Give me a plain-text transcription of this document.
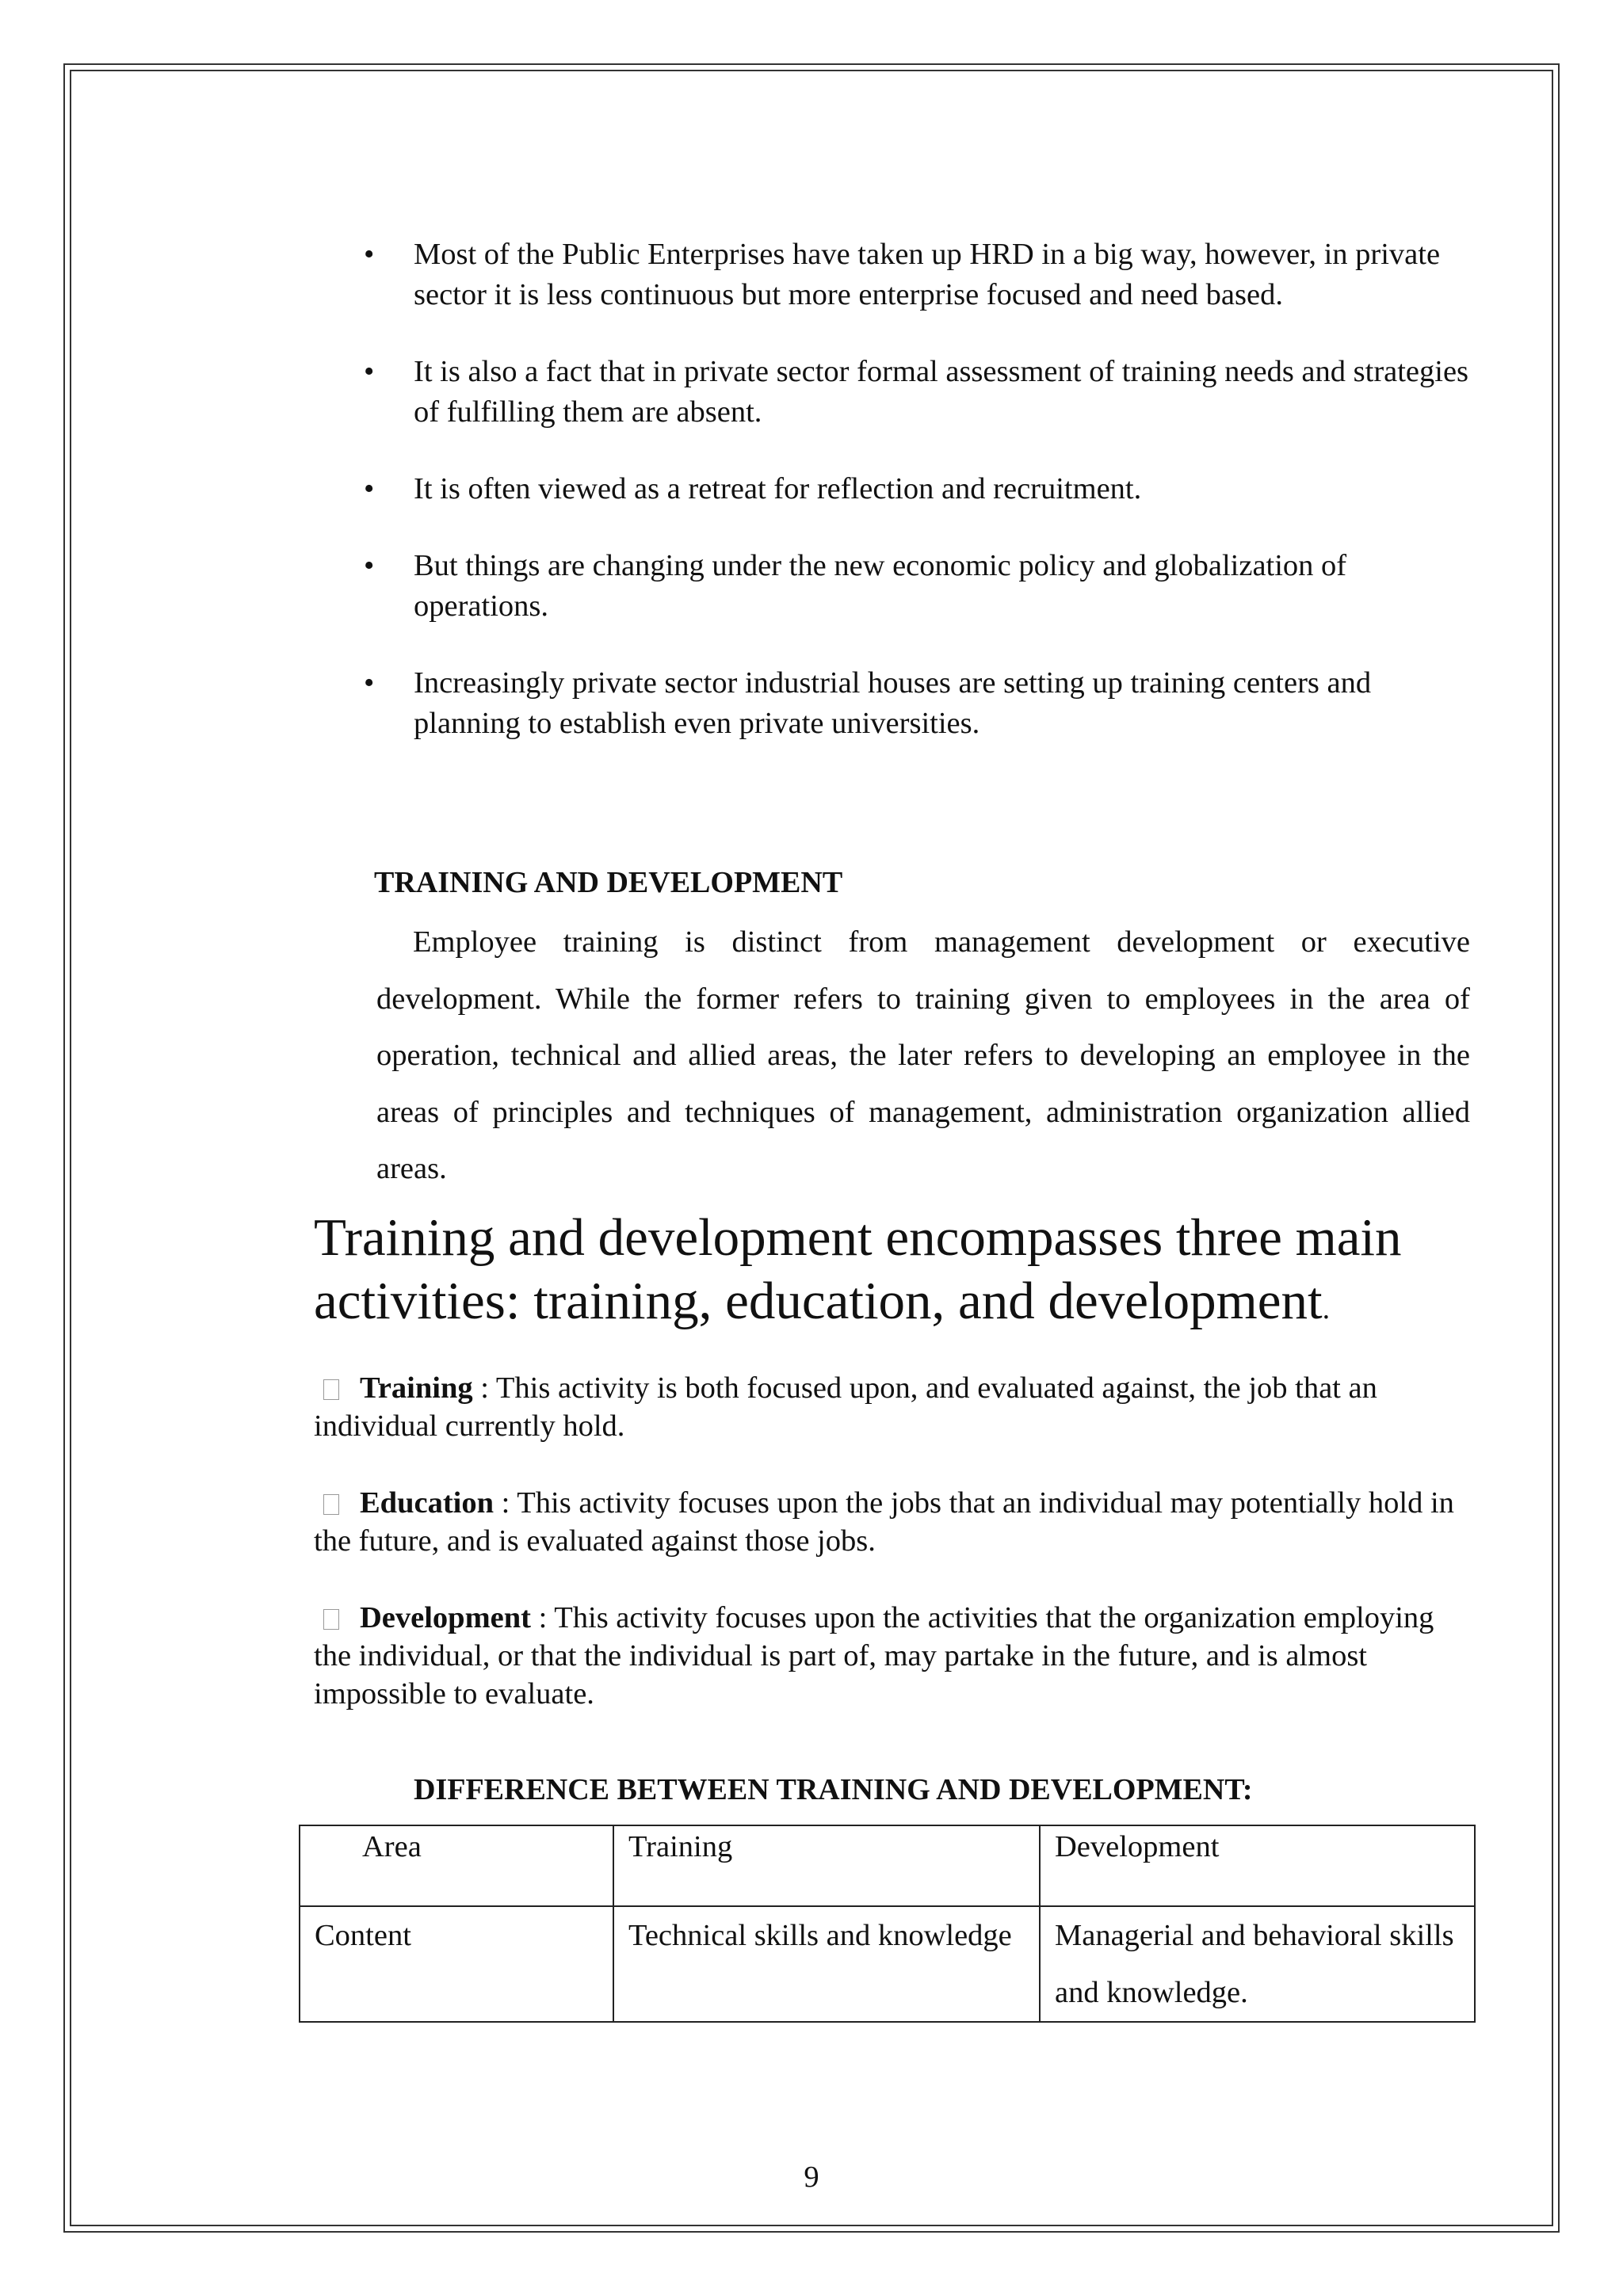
• Most of the Public Enterprises have taken up HRD in a big way, however, in private sector it is less continuous but more enterprise focused and need based.
• It is also a fact that in private sector formal assessment of training needs and strategies of fulfilling them are absent.
• It is often viewed as a retreat for reflection and recruitment.
• But things are changing under the new economic policy and globalization of operations.
• Increasingly private sector industrial houses are setting up training centers and planning to establish even private universities.
TRAINING AND DEVELOPMENT

Employee training is distinct from management development or executive development. While the former refers to training given to employees in the area of operation, technical and allied areas, the later refers to developing an employee in the areas of principles and techniques of management, administration organization allied areas.

Training and development encompasses three main activities: training, education, and development.

Training : This activity is both focused upon, and evaluated against, the job that an individual currently hold.

Education : This activity focuses upon the jobs that an individual may potentially hold in the future, and is evaluated against those jobs.

Development : This activity focuses upon the activities that the organization employing the individual, or that the individual is part of, may partake in the future, and is almost impossible to evaluate.

DIFFERENCE BETWEEN TRAINING AND DEVELOPMENT:
Area	Training	Development
Content	Technical skills and knowledge	Managerial and behavioral skills and knowledge.
9
